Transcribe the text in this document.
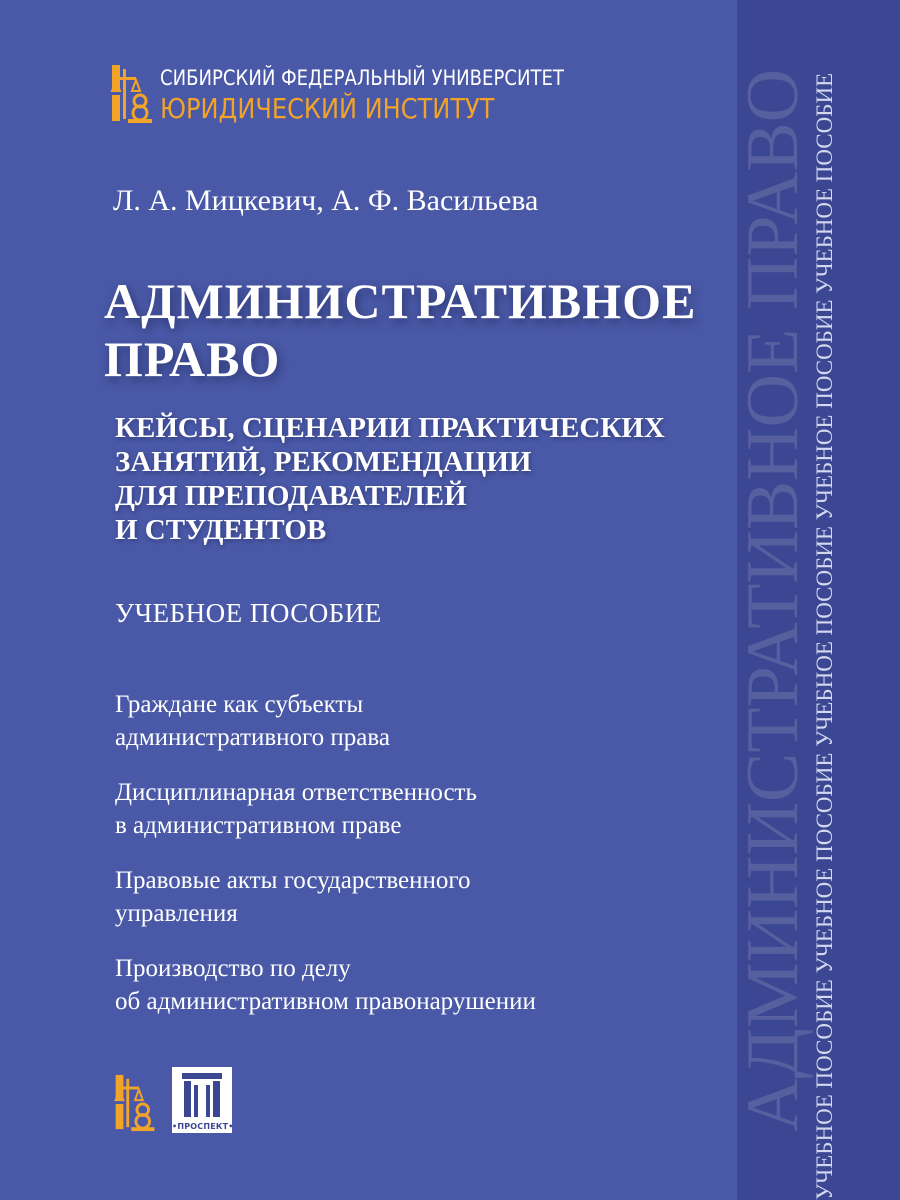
АДМИНИСТРАТИВНОЕ ПРАВО
УЧЕБНОЕ ПОСОБИЕ УЧЕБНОЕ ПОСОБИЕ УЧЕБНОЕ ПОСОБИЕ УЧЕБНОЕ ПОСОБИЕ УЧЕБНОЕ ПОСОБИЕ
СИБИРСКИЙ ФЕДЕРАЛЬНЫЙ УНИВЕРСИТЕТ
ЮРИДИЧЕСКИЙ ИНСТИТУТ
Л. А. Мицкевич, А. Ф. Васильева
АДМИНИСТРАТИВНОЕ
ПРАВО
КЕЙСЫ, СЦЕНАРИИ ПРАКТИЧЕСКИХ
ЗАНЯТИЙ, РЕКОМЕНДАЦИИ
ДЛЯ ПРЕПОДАВАТЕЛЕЙ
И СТУДЕНТОВ
УЧЕБНОЕ ПОСОБИЕ
Граждане как субъекты
административного права
Дисциплинарная ответственность
в административном праве
Правовые акты государственного
управления
Производство по делу
об административном правонарушении
•ПРОСПЕКТ•
